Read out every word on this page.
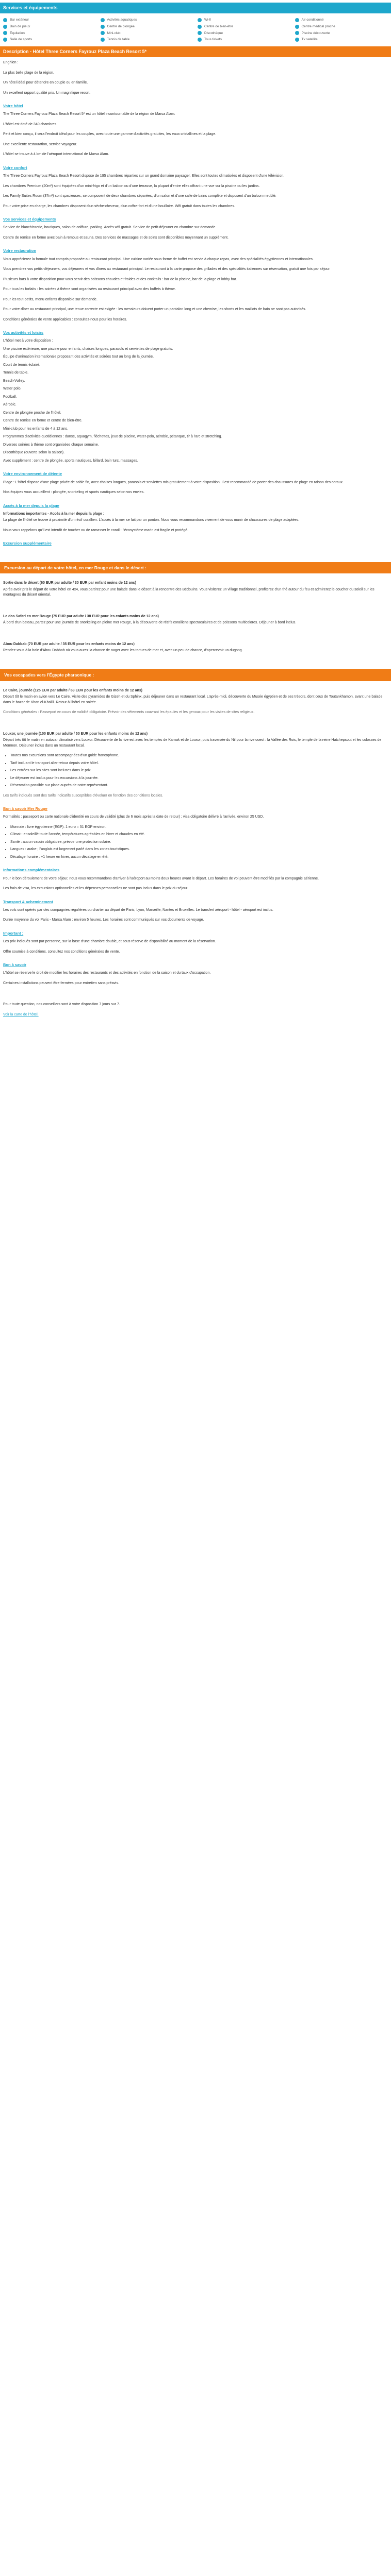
Services et équipements
Bar extérieur	Activités aquatiques	Wi-fi	Air conditionné
Bain de pieux	Centre de plongée	Centre de bien-être	Centre médical proche
Équitation	Mini-club	Discothèque	Piscine découverte
Salle de sports	Tennis de table	Tous tickets	Tv satellite
Description - Hôtel Three Corners Fayrouz Plaza Beach Resort 5*

Enghien :

La plus belle plage de la région.

Un hôtel idéal pour détendre en couple ou en famille.

Un excellent rapport qualité prix. Un magnifique resort.

Votre hôtel

The Three Corners Fayrouz Plaza Beach Resort 5* est un hôtel incontournable de la région de Marsa Alam.

L'hôtel est doté de 340 chambres.

Petit et bien conçu, il sera l'endroit idéal pour les couples, avec toute une gamme d'activités gratuites, les eaux cristallines et la plage.

Une excellente restauration, service voyageur.

L'hôtel se trouve à 4 km de l'aéroport international de Marsa Alam.

Votre confort

The Three Corners Fayrouz Plaza Beach Resort dispose de 195 chambres réparties sur un grand domaine paysager. Elles sont toutes climatisées et disposent d'une télévision.

Les chambres Premium (20m²) sont équipées d'un mini-frigo et d'un balcon ou d'une terrasse, la plupart d'entre elles offrant une vue sur la piscine ou les jardins.

Les Family Suites Room (37m²) sont spacieuses, se composent de deux chambres séparées, d'un salon et d'une salle de bains complète et disposent d'un balcon meublé.

Pour votre prise en charge, les chambres disposent d'un sèche-cheveux, d'un coffre-fort et d'une bouilloire. Wifi gratuit dans toutes les chambres.

Vos services et équipements

Service de blanchisserie, boutiques, salon de coiffure, parking. Accès wifi gratuit. Service de petit-déjeuner en chambre sur demande.

Centre de remise en forme avec bain à remous et sauna. Des services de massages et de soins sont disponibles moyennant un supplément.

Votre restauration

Vous apprécierez la formule tout compris proposée au restaurant principal. Une cuisine variée sous forme de buffet est servie à chaque repas, avec des spécialités égyptiennes et internationales.

Vous prendrez vos petits-déjeuners, vos déjeuners et vos dîners au restaurant principal. Le restaurant à la carte propose des grillades et des spécialités italiennes sur réservation, gratuit une fois par séjour.

Plusieurs bars à votre disposition pour vous servir des boissons chaudes et froides et des cocktails : bar de la piscine, bar de la plage et lobby bar.

Pour tous les forfaits : les soirées à thème sont organisées au restaurant principal avec des buffets à thème.

Pour les tout-petits, menu enfants disponible sur demande.

Pour votre dîner au restaurant principal, une tenue correcte est exigée : les messieurs doivent porter un pantalon long et une chemise, les shorts et les maillots de bain ne sont pas autorisés.

Conditions générales de vente applicables : consultez-nous pour les horaires.

Vos activités et loisirs

L'hôtel met à votre disposition :

Une piscine extérieure, une piscine pour enfants, chaises longues, parasols et serviettes de plage gratuits.

Équipe d'animation internationale proposant des activités et soirées tout au long de la journée.

Court de tennis éclairé.

Tennis de table.

Beach-Volley.

Water polo.

Football.

Aérobic.

Centre de plongée proche de l'hôtel.

Centre de remise en forme et centre de bien-être.

Mini-club pour les enfants de 4 à 12 ans.

Programmes d'activités quotidiennes : danse, aquagym, fléchettes, jeux de piscine, water-polo, aérobic, pétanque, tir à l'arc et stretching.

Diverses soirées à thème sont organisées chaque semaine.

Discothèque (ouverte selon la saison).

Avec supplément : centre de plongée, sports nautiques, billard, bain turc, massages.

Votre environnement de détente

Plage : L'hôtel dispose d'une plage privée de sable fin, avec chaises longues, parasols et serviettes mis gratuitement à votre disposition. Il est recommandé de porter des chaussures de plage en raison des coraux.

Nos équipes vous accueillent : plongée, snorkeling et sports nautiques selon vos envies.

Accès à la mer depuis la plage

Informations importantes - Accès à la mer depuis la plage :

La plage de l'hôtel se trouve à proximité d'un récif corallien. L'accès à la mer se fait par un ponton. Nous vous recommandons vivement de vous munir de chaussures de plage adaptées.

Nous vous rappelons qu'il est interdit de toucher ou de ramasser le corail : l'écosystème marin est fragile et protégé.

Excursion supplémentaire
Excursion au départ de votre hôtel, en mer Rouge et dans le désert :

Sortie dans le désert (60 EUR par adulte / 30 EUR par enfant moins de 12 ans)

Après avoir pris le départ de votre hôtel en 4x4, vous partirez pour une balade dans le désert à la rencontre des Bédouins. Vous visiterez un village traditionnel, profiterez d'un thé autour du feu et admirerez le coucher du soleil sur les montagnes du désert oriental.

Le dos Safari en mer Rouge (75 EUR par adulte / 38 EUR pour les enfants moins de 12 ans)

À bord d'un bateau, partez pour une journée de snorkeling en pleine mer Rouge, à la découverte de récifs coralliens spectaculaires et de poissons multicolores. Déjeuner à bord inclus.

Abou Dabbab (70 EUR par adulte / 35 EUR pour les enfants moins de 12 ans)

Rendez-vous à la baie d'Abou Dabbab où vous aurez la chance de nager avec les tortues de mer et, avec un peu de chance, d'apercevoir un dugong.

Vos escapades vers l'Égypte pharaonique :

Le Caire, journée (125 EUR par adulte / 63 EUR pour les enfants moins de 12 ans)

Départ tôt le matin en avion vers Le Caire. Visite des pyramides de Gizeh et du Sphinx, puis déjeuner dans un restaurant local. L'après-midi, découverte du Musée égyptien et de ses trésors, dont ceux de Toutankhamon, avant une balade dans le bazar de Khan el-Khalili. Retour à l'hôtel en soirée.

Conditions générales : Passeport en cours de validité obligatoire. Prévoir des vêtements couvrant les épaules et les genoux pour les visites de sites religieux.

Louxor, une journée (100 EUR par adulte / 50 EUR pour les enfants moins de 12 ans)

Départ très tôt le matin en autocar climatisé vers Louxor. Découverte de la rive est avec les temples de Karnak et de Louxor, puis traversée du Nil pour la rive ouest : la Vallée des Rois, le temple de la reine Hatchepsout et les colosses de Memnon. Déjeuner inclus dans un restaurant local.

• Toutes nos excursions sont accompagnées d'un guide francophone.
• Tarif incluant le transport aller-retour depuis votre hôtel.
• Les entrées sur les sites sont incluses dans le prix.
• Le déjeuner est inclus pour les excursions à la journée.
• Réservation possible sur place auprès de notre représentant.

Les tarifs indiqués sont des tarifs indicatifs susceptibles d'évoluer en fonction des conditions locales.

Bon à savoir Mer Rouge

Formalités : passeport ou carte nationale d'identité en cours de validité (plus de 6 mois après la date de retour) ; visa obligatoire délivré à l'arrivée, environ 25 USD.

• Monnaie : livre égyptienne (EGP). 1 euro = 51 EGP environ.
• Climat : ensoleillé toute l'année, températures agréables en hiver et chaudes en été.
• Santé : aucun vaccin obligatoire, prévoir une protection solaire.
• Langues : arabe ; l'anglais est largement parlé dans les zones touristiques.
• Décalage horaire : +1 heure en hiver, aucun décalage en été.
Informations complémentaires

Pour le bon déroulement de votre séjour, nous vous recommandons d'arriver à l'aéroport au moins deux heures avant le départ. Les horaires de vol peuvent être modifiés par la compagnie aérienne.

Les frais de visa, les excursions optionnelles et les dépenses personnelles ne sont pas inclus dans le prix du séjour.

Transport & acheminement

Les vols sont opérés par des compagnies régulières ou charter au départ de Paris, Lyon, Marseille, Nantes et Bruxelles. Le transfert aéroport - hôtel - aéroport est inclus.

Durée moyenne du vol Paris - Marsa Alam : environ 5 heures. Les horaires sont communiqués sur vos documents de voyage.

Important :

Les prix indiqués sont par personne, sur la base d'une chambre double, et sous réserve de disponibilité au moment de la réservation.

Offre soumise à conditions, consultez nos conditions générales de vente.

Bon à savoir

L'hôtel se réserve le droit de modifier les horaires des restaurants et des activités en fonction de la saison et du taux d'occupation.

Certaines installations peuvent être fermées pour entretien sans préavis.

Pour toute question, nos conseillers sont à votre disposition 7 jours sur 7.

Voir la carte de l'hôtel.
